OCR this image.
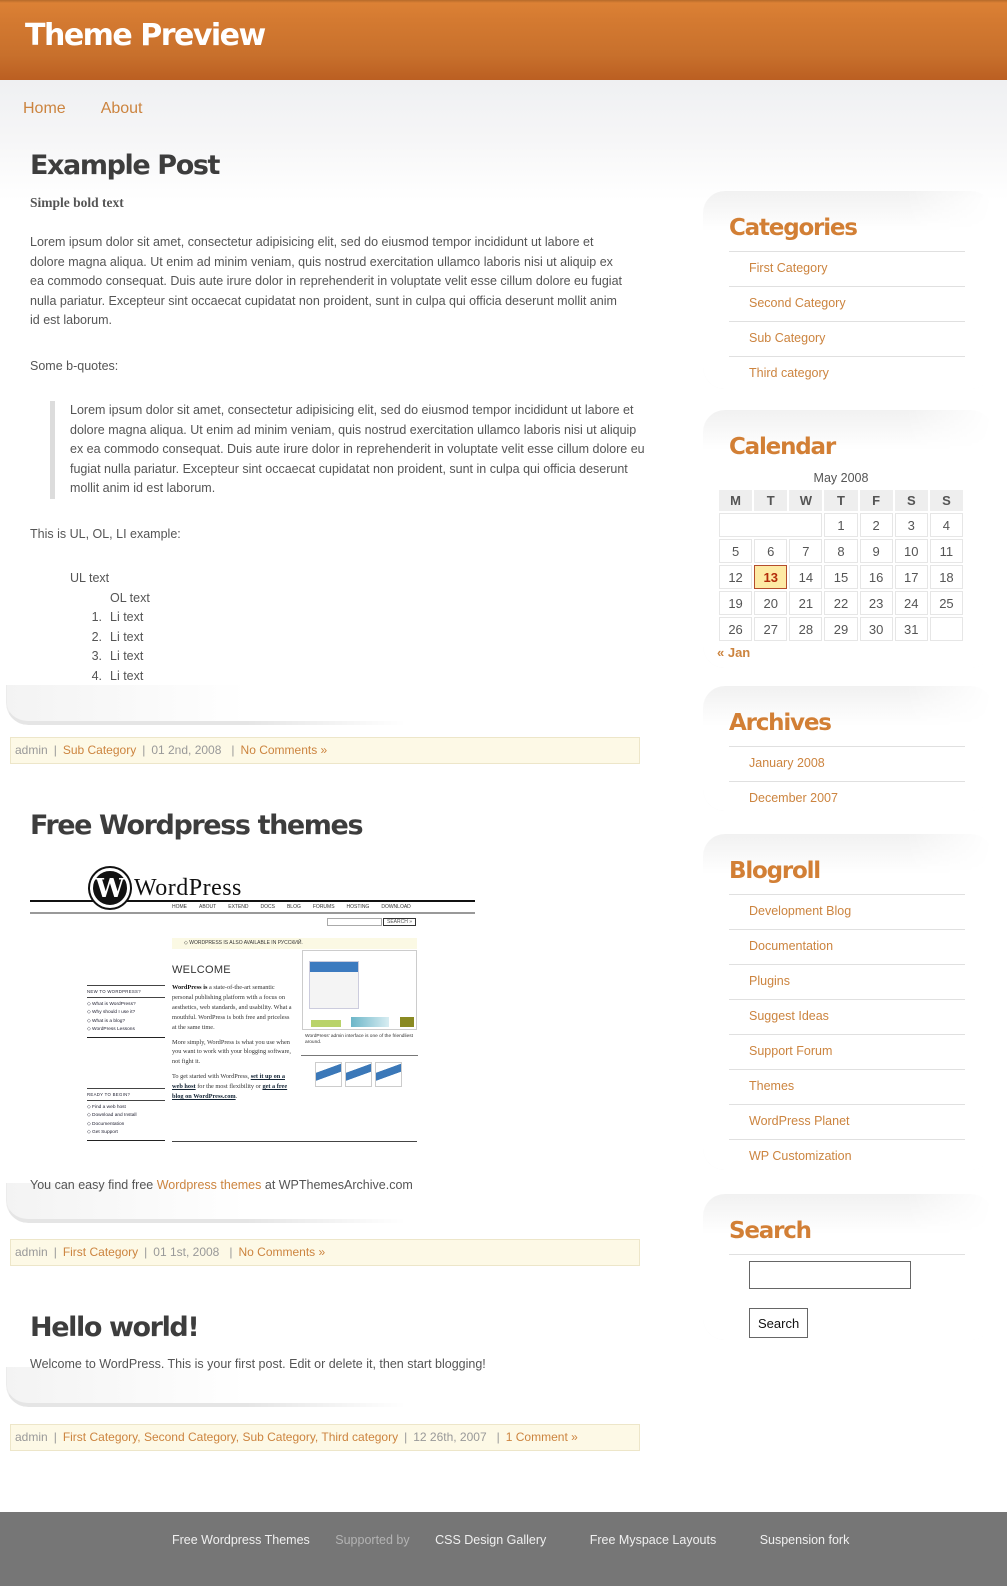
Theme Preview
Home About
Example Post
Simple bold text

Lorem ipsum dolor sit amet, consectetur adipisicing elit, sed do eiusmod tempor incididunt ut labore et dolore magna aliqua. Ut enim ad minim veniam, quis nostrud exercitation ullamco laboris nisi ut aliquip ex ea commodo consequat. Duis aute irure dolor in reprehenderit in voluptate velit esse cillum dolore eu fugiat nulla pariatur. Excepteur sint occaecat cupidatat non proident, sunt in culpa qui officia deserunt mollit anim id est laborum.

Some b-quotes:

Lorem ipsum dolor sit amet, consectetur adipisicing elit, sed do eiusmod tempor incididunt ut labore et dolore magna aliqua. Ut enim ad minim veniam, quis nostrud exercitation ullamco laboris nisi ut aliquip ex ea commodo consequat. Duis aute irure dolor in reprehenderit in voluptate velit esse cillum dolore eu fugiat nulla pariatur. Excepteur sint occaecat cupidatat non proident, sunt in culpa qui officia deserunt mollit anim id est laborum.

This is UL, OL, LI example:

UL text
OL text
1. Li text
2. Li text
3. Li text
4. Li text
admin | Sub Category | 01 2nd, 2008 | No Comments »
Free Wordpress themes
W WordPress
HOME ABOUT EXTEND DOCS BLOG FORUMS HOSTING DOWNLOAD
SEARCH »
◇ WORDPRESS IS ALSO AVAILABLE IN РУССКИЙ.
WELCOME
WordPress is a state-of-the-art semantic personal publishing platform with a focus on aesthetics, web standards, and usability. What a mouthful. WordPress is both free and priceless at the same time.
More simply, WordPress is what you use when you want to work with your blogging software, not fight it.
To get started with WordPress, set it up on a web host for the most flexibility or get a free blog on WordPress.com.
NEW TO WORDPRESS?
◇ What is WordPress?
◇ Why should I use it?
◇ What is a blog?
◇ WordPress Lessons
READY TO BEGIN?
◇ Find a web host
◇ Download and Install
◇ Documentation
◇ Get Support
WordPress' admin interface is one of the friendliest around.

You can easy find free Wordpress themes at WPThemesArchive.com

admin | First Category | 01 1st, 2008 | No Comments »
Hello world!

Welcome to WordPress. This is your first post. Edit or delete it, then start blogging!

admin | First Category, Second Category, Sub Category, Third category | 12 26th, 2007 | 1 Comment »
Categories
First Category
Second Category
Sub Category
Third category
Calendar
May 2008
M	T	W	T	F	S	S
			1	2	3	4
5	6	7	8	9	10	11
12	13	14	15	16	17	18
19	20	21	22	23	24	25
26	27	28	29	30	31	
« Jan
Archives
January 2008
December 2007
Blogroll
Development Blog
Documentation
Plugins
Suggest Ideas
Support Forum
Themes
WordPress Planet
WP Customization
Search
Search
Free Wordpress Themes Supported by CSS Design Gallery	Free Myspace Layouts	Suspension fork
